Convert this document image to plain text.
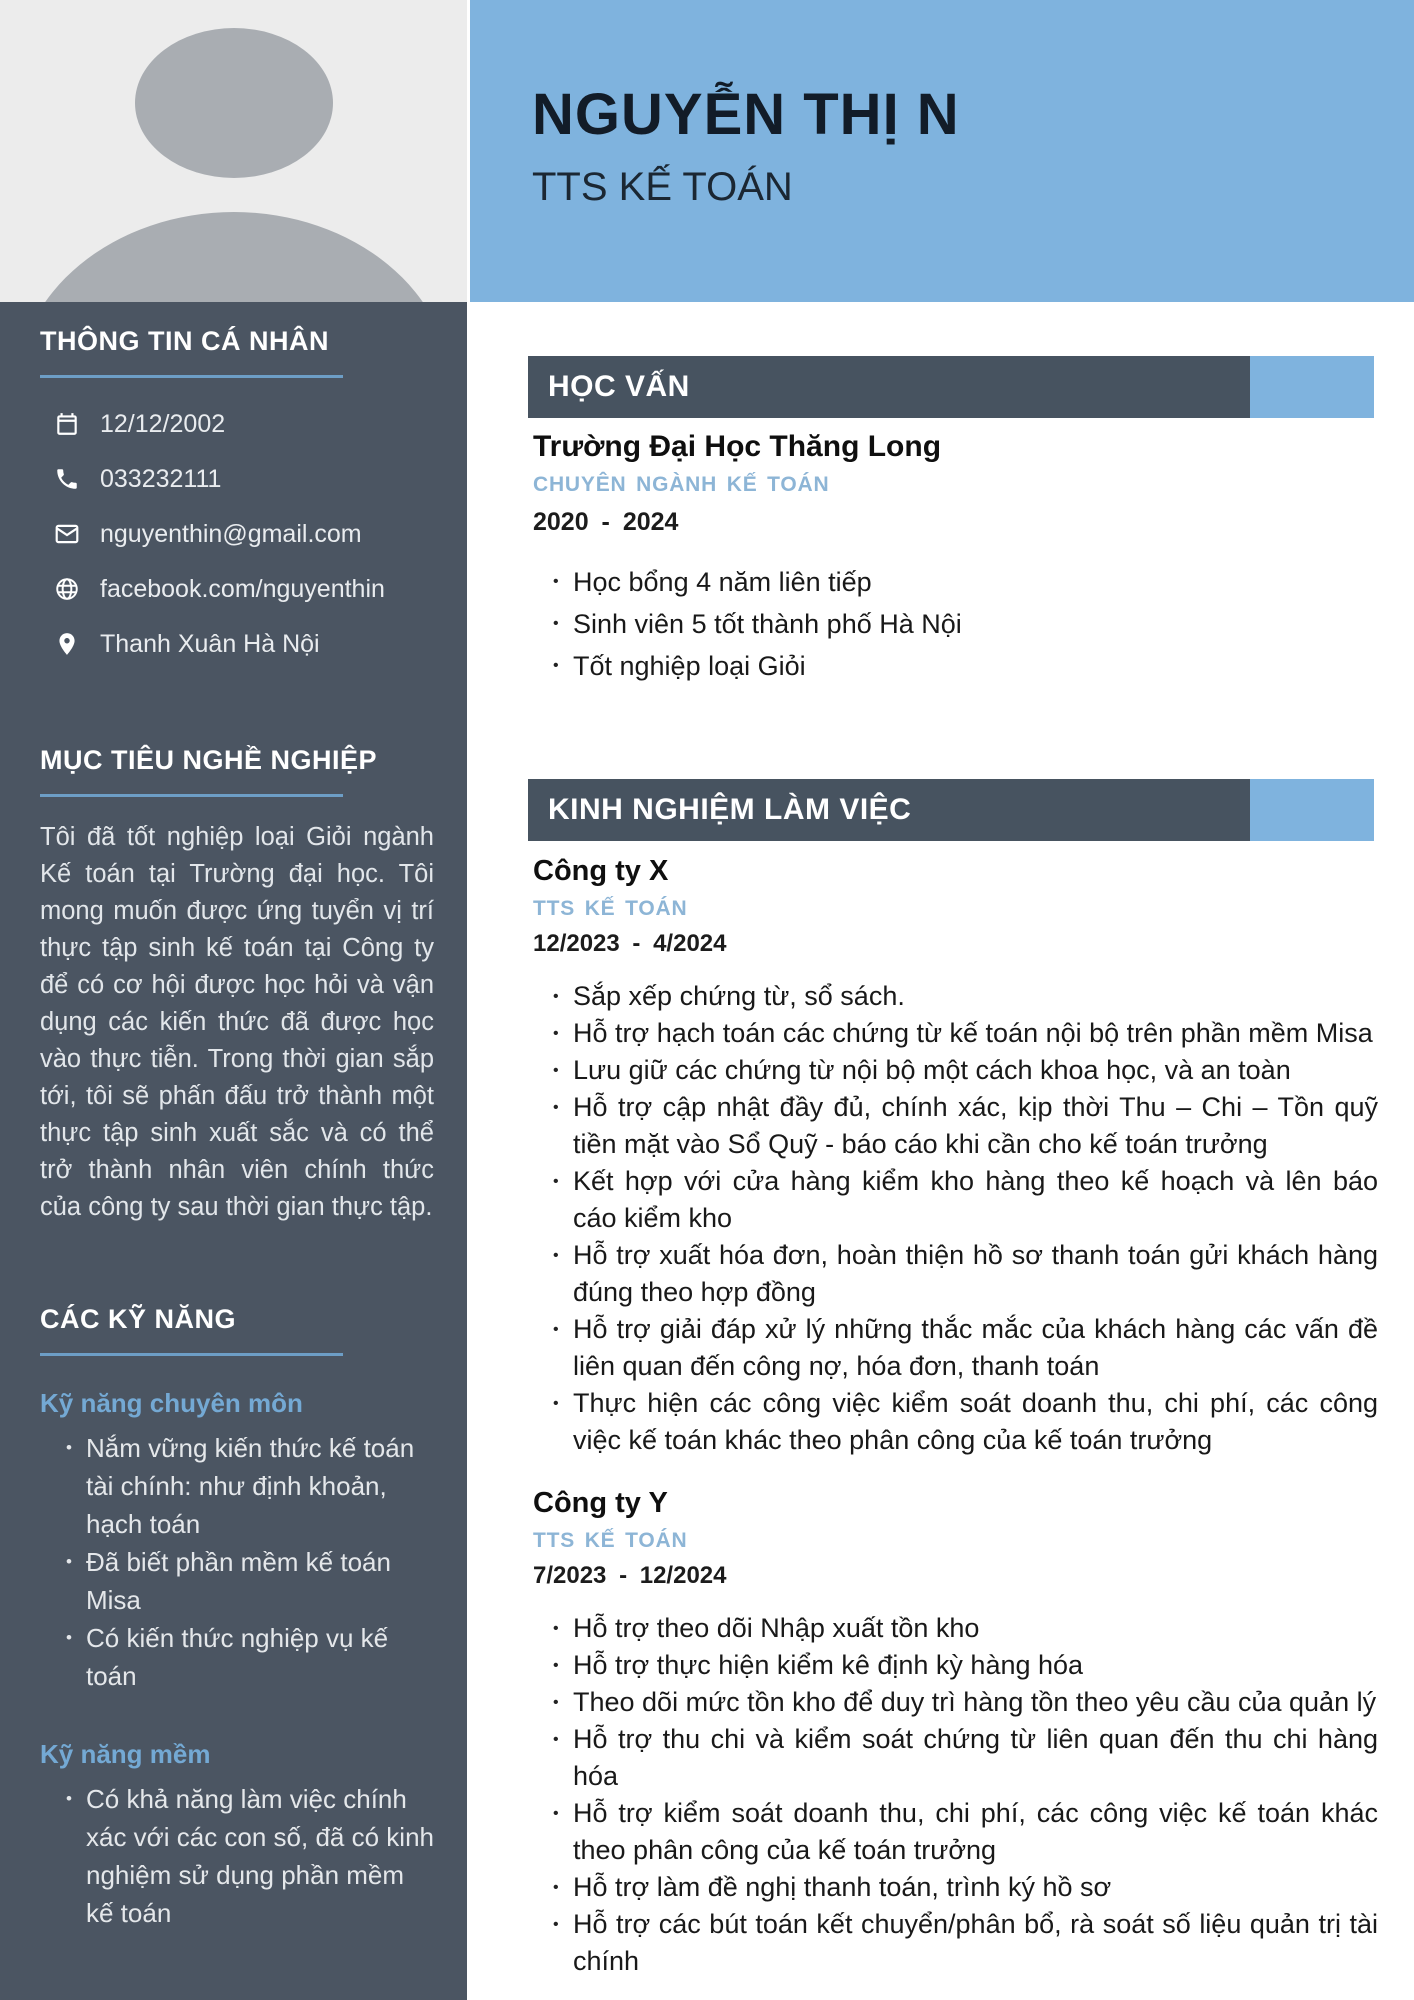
NGUYỄN THỊ N
TTS KẾ TOÁN
THÔNG TIN CÁ NHÂN
12/12/2002
033232111
nguyenthin@gmail.com
facebook.com/nguyenthin
Thanh Xuân Hà Nội
MỤC TIÊU NGHỀ NGHIỆP

Tôi đã tốt nghiệp loại Giỏi ngành Kế toán tại Trường đại học. Tôi mong muốn được ứng tuyển vị trí thực tập sinh kế toán tại Công ty để có cơ hội được học hỏi và vận dụng các kiến thức đã được học vào thực tiễn. Trong thời gian sắp tới, tôi sẽ phấn đấu trở thành một thực tập sinh xuất sắc và có thể trở thành nhân viên chính thức của công ty sau thời gian thực tập.

CÁC KỸ NĂNG
Kỹ năng chuyên môn
• Nắm vững kiến thức kế toán tài chính: như định khoản, hạch toán
• Đã biết phần mềm kế toán Misa
• Có kiến thức nghiệp vụ kế toán
Kỹ năng mềm
• Có khả năng làm việc chính xác với các con số, đã có kinh nghiệm sử dụng phần mềm kế toán
HỌC VẤN
Trường Đại Học Thăng Long
CHUYÊN NGÀNH KẾ TOÁN
2020 - 2024
• Học bổng 4 năm liên tiếp
• Sinh viên 5 tốt thành phố Hà Nội
• Tốt nghiệp loại Giỏi
KINH NGHIỆM LÀM VIỆC
Công ty X
TTS KẾ TOÁN
12/2023 - 4/2024
• Sắp xếp chứng từ, sổ sách.
• Hỗ trợ hạch toán các chứng từ kế toán nội bộ trên phần mềm Misa
• Lưu giữ các chứng từ nội bộ một cách khoa học, và an toàn
• Hỗ trợ cập nhật đầy đủ, chính xác, kịp thời Thu – Chi – Tồn quỹ tiền mặt vào Sổ Quỹ - báo cáo khi cần cho kế toán trưởng
• Kết hợp với cửa hàng kiểm kho hàng theo kế hoạch và lên báo cáo kiểm kho
• Hỗ trợ xuất hóa đơn, hoàn thiện hồ sơ thanh toán gửi khách hàng đúng theo hợp đồng
• Hỗ trợ giải đáp xử lý những thắc mắc của khách hàng các vấn đề liên quan đến công nợ, hóa đơn, thanh toán
• Thực hiện các công việc kiểm soát doanh thu, chi phí, các công việc kế toán khác theo phân công của kế toán trưởng
Công ty Y
TTS KẾ TOÁN
7/2023 - 12/2024
• Hỗ trợ theo dõi Nhập xuất tồn kho
• Hỗ trợ thực hiện kiểm kê định kỳ hàng hóa
• Theo dõi mức tồn kho để duy trì hàng tồn theo yêu cầu của quản lý
• Hỗ trợ thu chi và kiểm soát chứng từ liên quan đến thu chi hàng hóa
• Hỗ trợ kiểm soát doanh thu, chi phí, các công việc kế toán khác theo phân công của kế toán trưởng
• Hỗ trợ làm đề nghị thanh toán, trình ký hồ sơ
• Hỗ trợ các bút toán kết chuyển/phân bổ, rà soát số liệu quản trị tài chính
